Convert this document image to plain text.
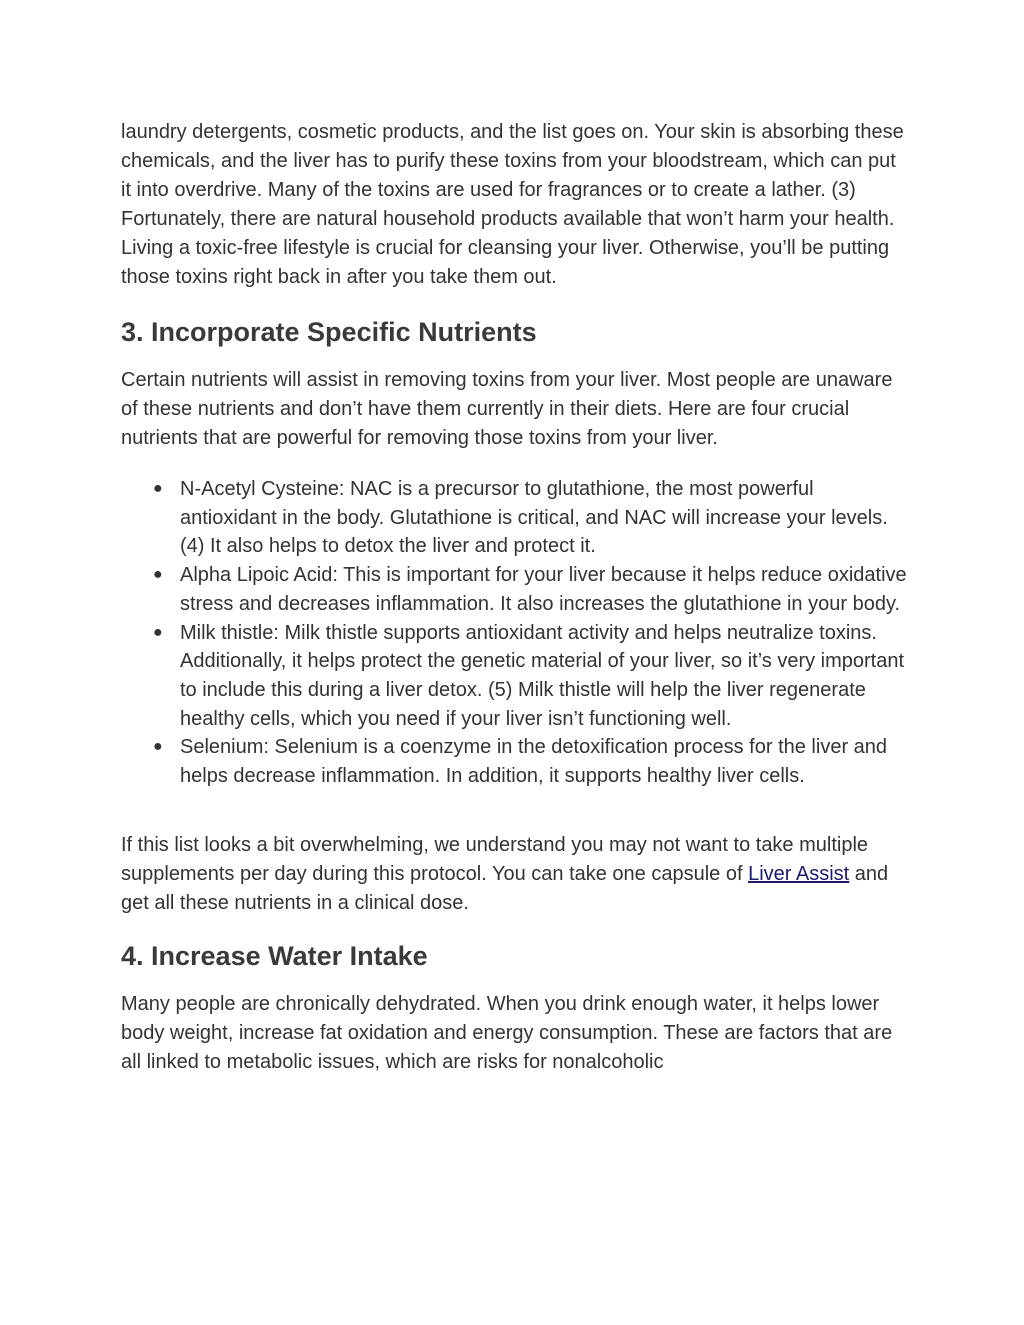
laundry detergents, cosmetic products, and the list goes on. Your skin is absorbing these chemicals, and the liver has to purify these toxins from your bloodstream, which can put it into overdrive. Many of the toxins are used for fragrances or to create a lather. (3) Fortunately, there are natural household products available that won’t harm your health. Living a toxic-free lifestyle is crucial for cleansing your liver. Otherwise, you’ll be putting those toxins right back in after you take them out.

3. Incorporate Specific Nutrients

Certain nutrients will assist in removing toxins from your liver. Most people are unaware of these nutrients and don’t have them currently in their diets. Here are four crucial nutrients that are powerful for removing those toxins from your liver.

● N-Acetyl Cysteine: NAC is a precursor to glutathione, the most powerful antioxidant in the body. Glutathione is critical, and NAC will increase your levels. (4) It also helps to detox the liver and protect it.
● Alpha Lipoic Acid: This is important for your liver because it helps reduce oxidative stress and decreases inflammation. It also increases the glutathione in your body.
● Milk thistle: Milk thistle supports antioxidant activity and helps neutralize toxins. Additionally, it helps protect the genetic material of your liver, so it’s very important to include this during a liver detox. (5) Milk thistle will help the liver regenerate healthy cells, which you need if your liver isn’t functioning well.
● Selenium: Selenium is a coenzyme in the detoxification process for the liver and helps decrease inflammation. In addition, it supports healthy liver cells.

If this list looks a bit overwhelming, we understand you may not want to take multiple supplements per day during this protocol. You can take one capsule of Liver Assist and get all these nutrients in a clinical dose.

4. Increase Water Intake

Many people are chronically dehydrated. When you drink enough water, it helps lower body weight, increase fat oxidation and energy consumption. These are factors that are all linked to metabolic issues, which are risks for nonalcoholic
